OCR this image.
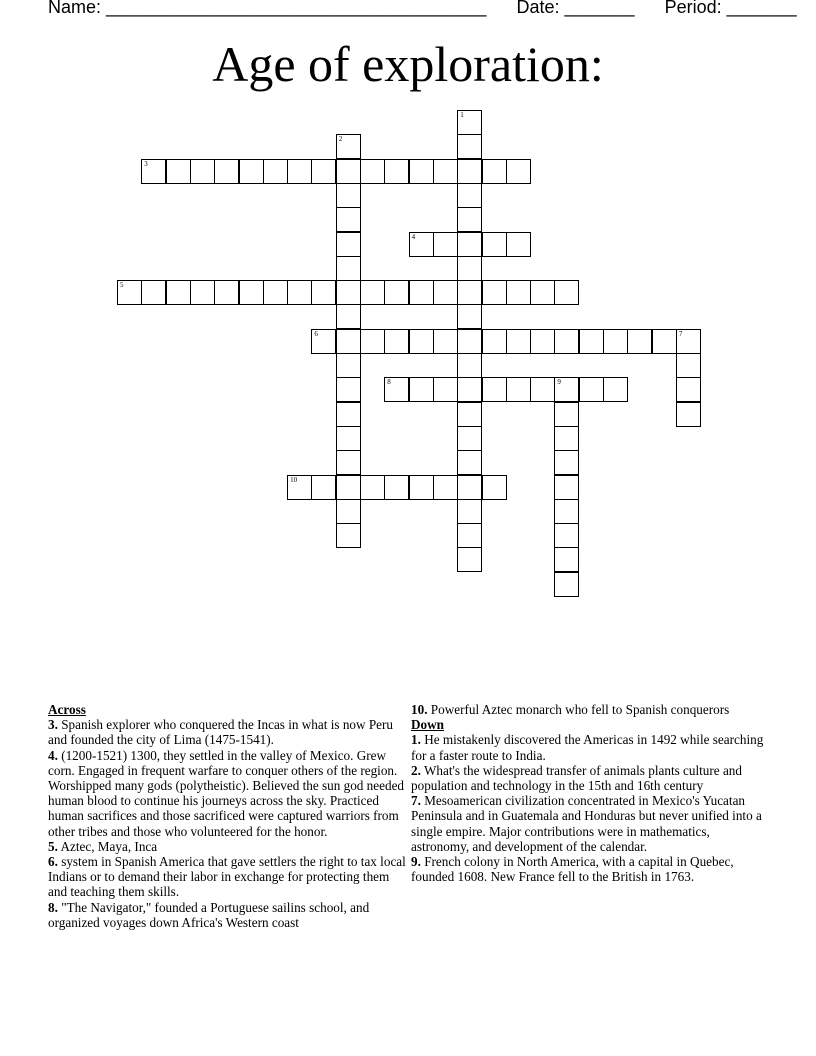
Name: ______________________________________ Date: _______ Period: _______
Age of exploration:
1
2
3
4
5
6	7
8	9
10
Across

3. Spanish explorer who conquered the Incas in what is now Peru and founded the city of Lima (1475-1541).

4. (1200-1521) 1300, they settled in the valley of Mexico. Grew corn. Engaged in frequent warfare to conquer others of the region. Worshipped many gods (polytheistic). Believed the sun god needed human blood to continue his journeys across the sky. Practiced human sacrifices and those sacrificed were captured warriors from other tribes and those who volunteered for the honor.

5. Aztec, Maya, Inca

6. system in Spanish America that gave settlers the right to tax local Indians or to demand their labor in exchange for protecting them and teaching them skills.

8. "The Navigator," founded a Portuguese sailins school, and organized voyages down Africa's Western coast

10. Powerful Aztec monarch who fell to Spanish conquerors

Down

1. He mistakenly discovered the Americas in 1492 while searching for a faster route to India.

2. What's the widespread transfer of animals plants culture and population and technology in the 15th and 16th century

7. Mesoamerican civilization concentrated in Mexico's Yucatan Peninsula and in Guatemala and Honduras but never unified into a single empire. Major contributions were in mathematics, astronomy, and development of the calendar.

9. French colony in North America, with a capital in Quebec, founded 1608. New France fell to the British in 1763.
